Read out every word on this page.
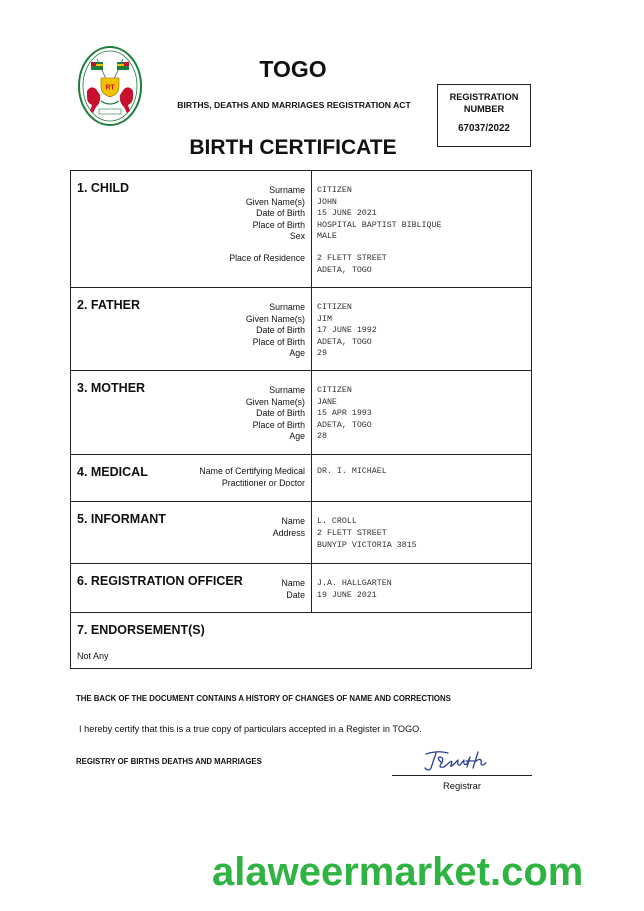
RT
TOGO
BIRTHS, DEATHS AND MARRIAGES REGISTRATION ACT
REGISTRATION
NUMBER
67037/2022
BIRTH CERTIFICATE
1. CHILD	Surname CITIZEN
Given Name(s) JOHN
Date of Birth 15 JUNE 2021
Place of Birth HOSPITAL BAPTIST BIBLIQUE
Sex MALE
Place of Residence 2 FLETT STREET
ADETA, TOGO
2. FATHER	Surname CITIZEN
Given Name(s) JIM
Date of Birth 17 JUNE 1992
Place of Birth ADETA, TOGO
Age 29
3. MOTHER	Surname CITIZEN
Given Name(s) JANE
Date of Birth 15 APR 1993
Place of Birth ADETA, TOGO
Age 28
4. MEDICAL	Name of Certifying Medical DR. I. MICHAEL
Practitioner or Doctor
5. INFORMANT	Name L. CROLL
Address 2 FLETT STREET
BUNYIP VICTORIA 3815
6. REGISTRATION OFFICER	Name J.A. HALLGARTEN
Date 19 JUNE 2021
7. ENDORSEMENT(S)
Not Any
THE BACK OF THE DOCUMENT CONTAINS A HISTORY OF CHANGES OF NAME AND CORRECTIONS
I hereby certify that this is a true copy of particulars accepted in a Register in TOGO.
REGISTRY OF BIRTHS DEATHS AND MARRIAGES
Registrar
alaweermarket.com
